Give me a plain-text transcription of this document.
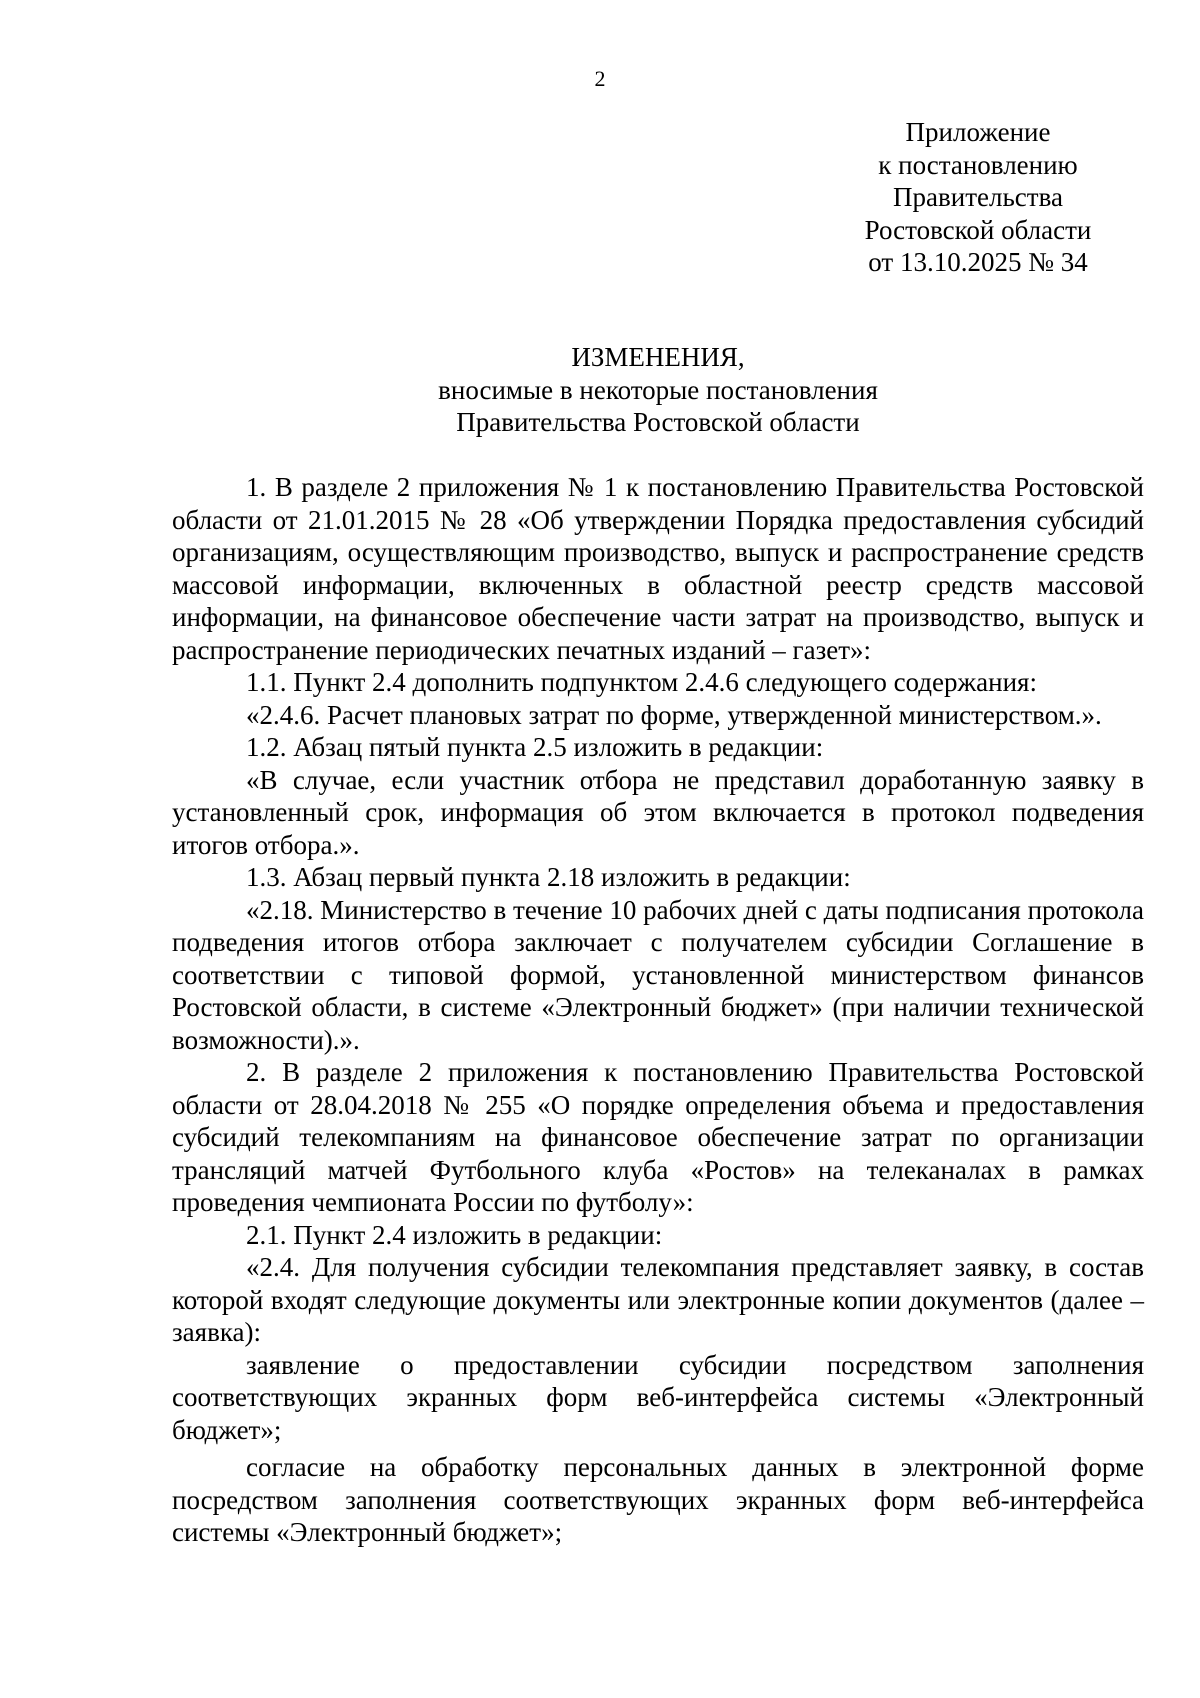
2
Приложение
к постановлению
Правительства
Ростовской области
от 13.10.2025 № 34
ИЗМЕНЕНИЯ,
вносимые в некоторые постановления
Правительства Ростовской области

1. В разделе 2 приложения № 1 к постановлению Правительства Ростовской области от 21.01.2015 № 28 «Об утверждении Порядка предоставления субсидий организациям, осуществляющим производство, выпуск и распространение средств массовой информации, включенных в областной реестр средств массовой информации, на финансовое обеспечение части затрат на производство, выпуск и распространение периодических печатных изданий – газет»:

1.1. Пункт 2.4 дополнить подпунктом 2.4.6 следующего содержания:

«2.4.6. Расчет плановых затрат по форме, утвержденной министерством.».

1.2. Абзац пятый пункта 2.5 изложить в редакции:

«В случае, если участник отбора не представил доработанную заявку в установленный срок, информация об этом включается в протокол подведения итогов отбора.».

1.3. Абзац первый пункта 2.18 изложить в редакции:

«2.18. Министерство в течение 10 рабочих дней с даты подписания протокола подведения итогов отбора заключает с получателем субсидии Соглашение в соответствии с типовой формой, установленной министерством финансов Ростовской области, в системе «Электронный бюджет» (при наличии технической возможности).».

2. В разделе 2 приложения к постановлению Правительства Ростовской области от 28.04.2018 № 255 «О порядке определения объема и предоставления субсидий телекомпаниям на финансовое обеспечение затрат по организации трансляций матчей Футбольного клуба «Ростов» на телеканалах в рамках проведения чемпионата России по футболу»:

2.1. Пункт 2.4 изложить в редакции:

«2.4. Для получения субсидии телекомпания представляет заявку, в состав которой входят следующие документы или электронные копии документов (далее – заявка):

заявление о предоставлении субсидии посредством заполнения соответствующих экранных форм веб-интерфейса системы «Электронный бюджет»;

согласие на обработку персональных данных в электронной форме посредством заполнения соответствующих экранных форм веб-интерфейса системы «Электронный бюджет»;
